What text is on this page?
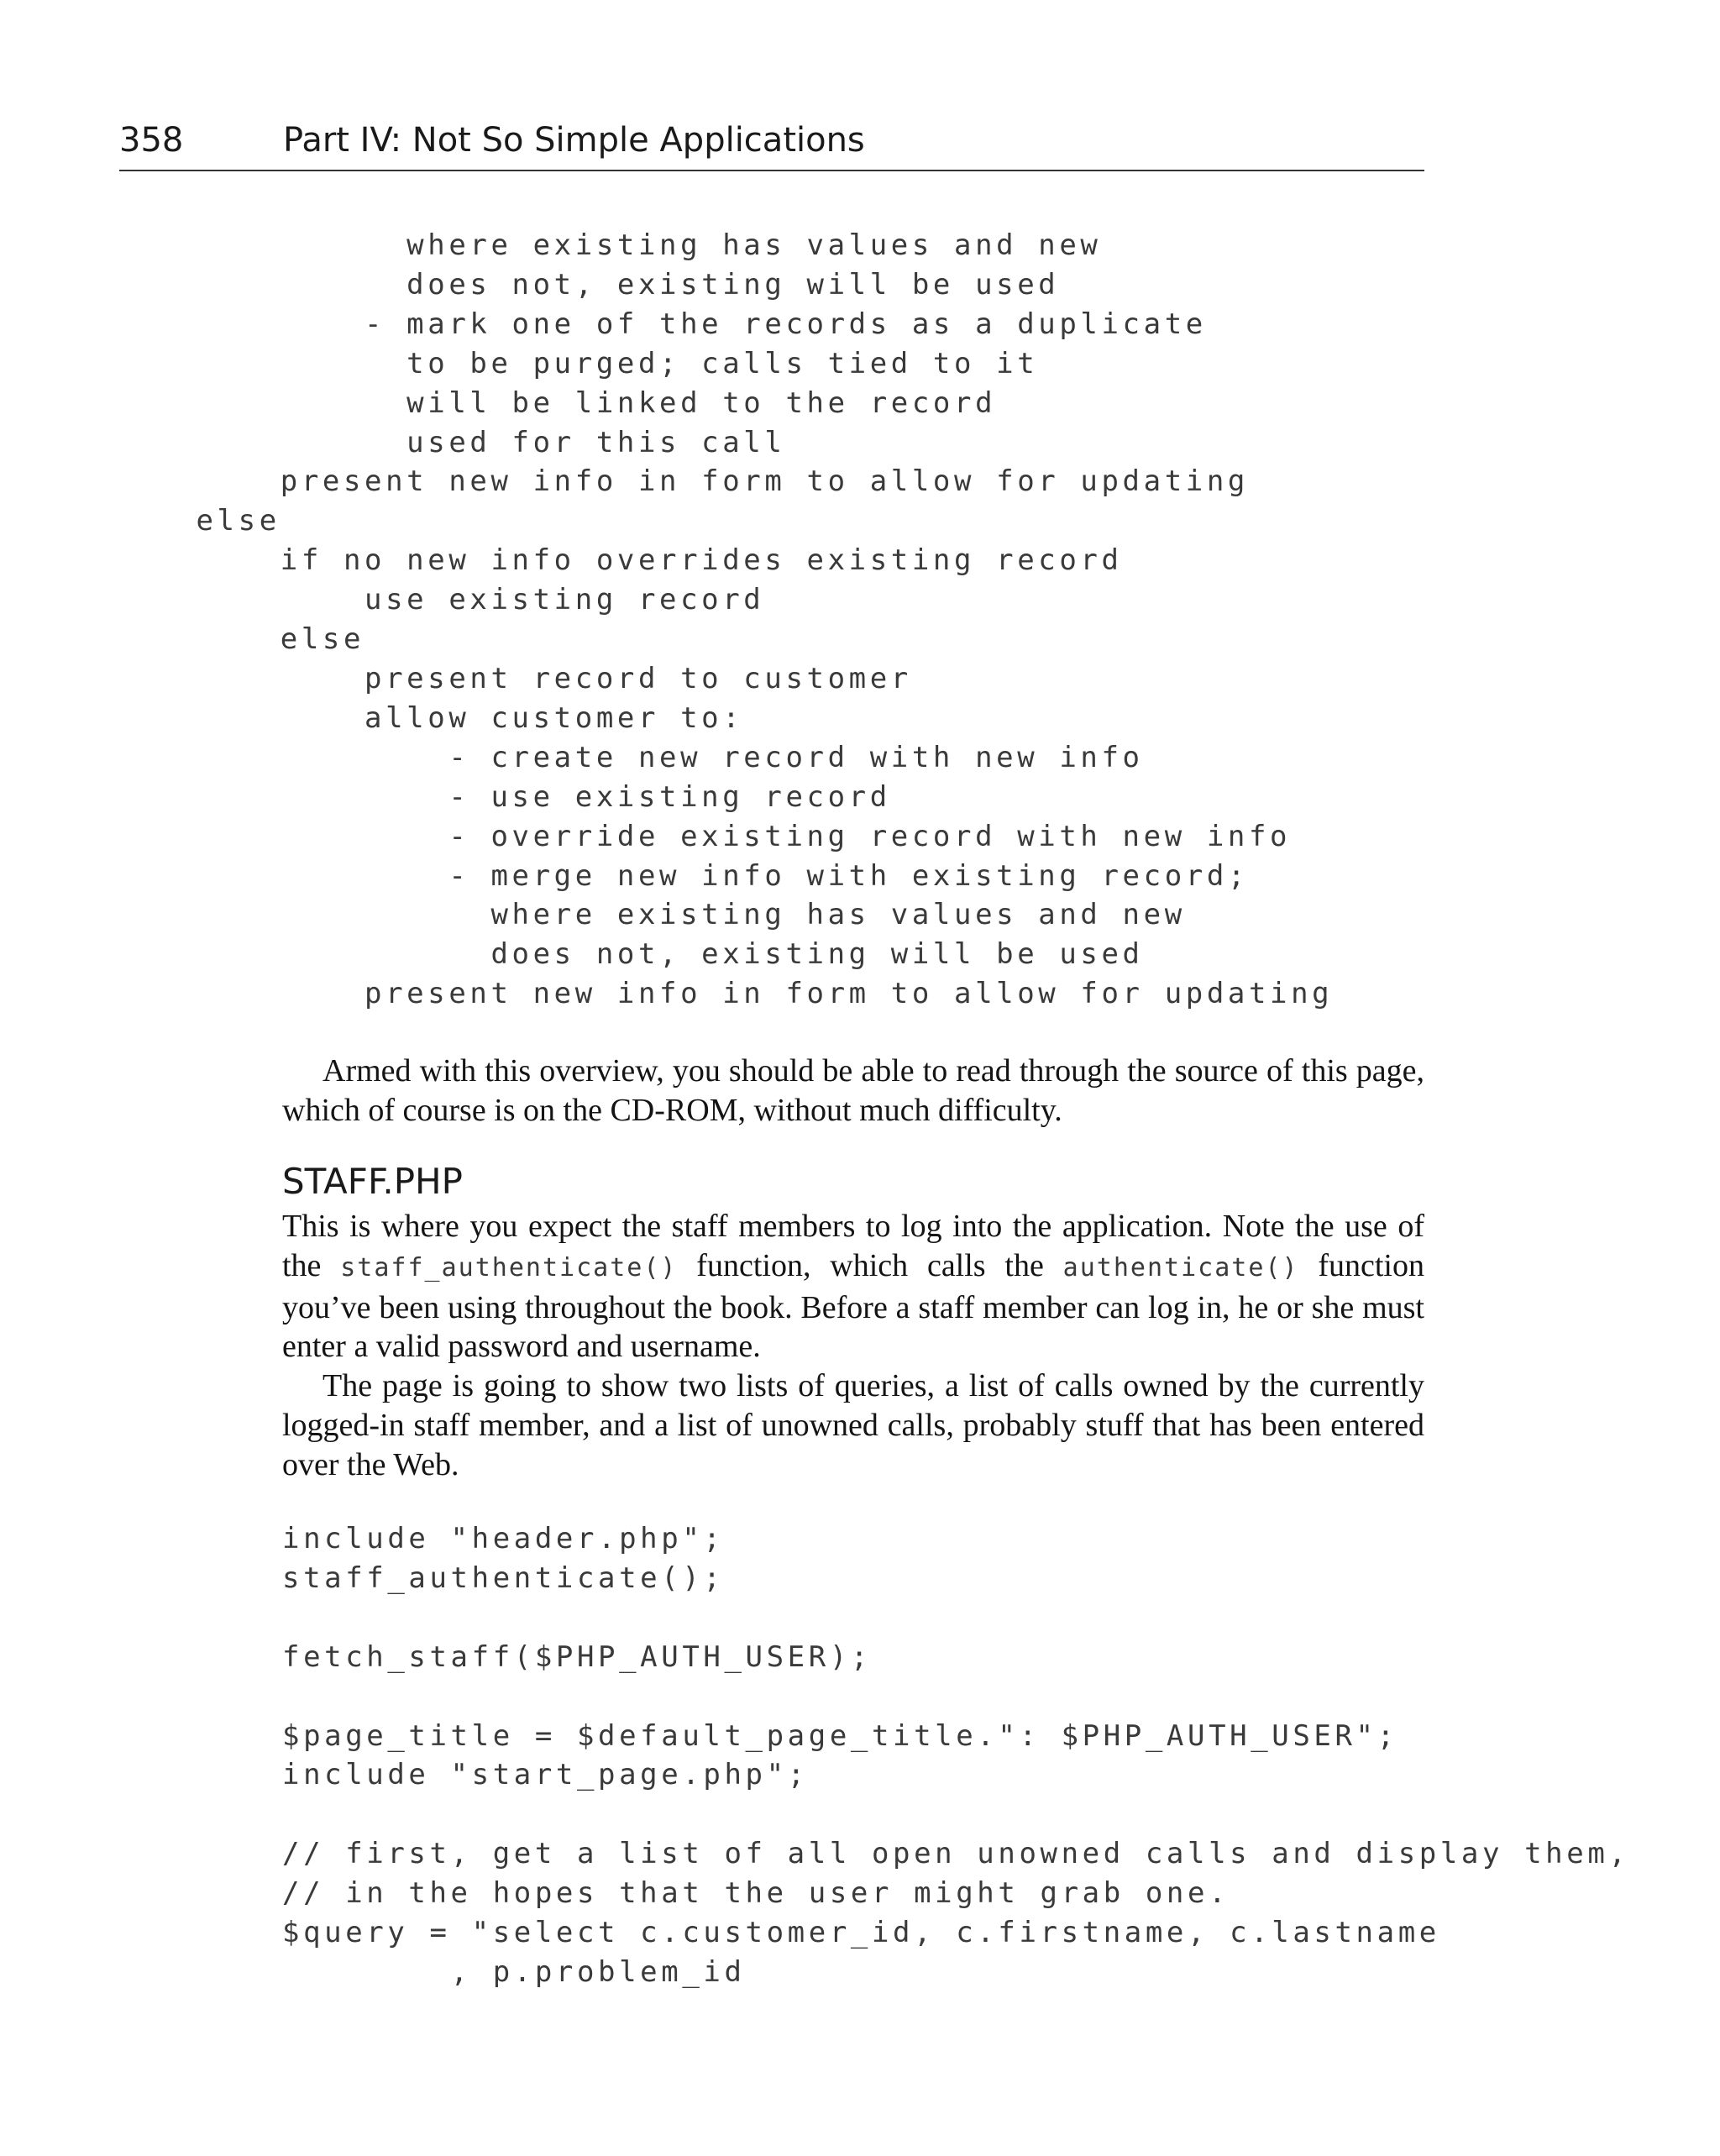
358	Part IV: Not So Simple Applications
where existing has values and new
does not, existing will be used
- mark one of the records as a duplicate
to be purged; calls tied to it
will be linked to the record
used for this call
present new info in form to allow for updating
else
if no new info overrides existing record
use existing record
else
present record to customer
allow customer to:
- create new record with new info
- use existing record
- override existing record with new info
- merge new info with existing record;
where existing has values and new
does not, existing will be used
present new info in form to allow for updating

Armed with this overview, you should be able to read through the source of this page, which of course is on the CD-ROM, without much difficulty.

STAFF.PHP

This is where you expect the staff members to log into the application. Note the use of the staff_authenticate() function, which calls the authenticate() function you’ve been using throughout the book. Before a staff member can log in, he or she must enter a valid password and username.

The page is going to show two lists of queries, a list of calls owned by the currently logged-in staff member, and a list of unowned calls, probably stuff that has been entered over the Web.

include "header.php";
staff_authenticate();

fetch_staff($PHP_AUTH_USER);

$page_title = $default_page_title.": $PHP_AUTH_USER";
include "start_page.php";

// first, get a list of all open unowned calls and display them,
// in the hopes that the user might grab one.
$query = "select c.customer_id, c.firstname, c.lastname
, p.problem_id
